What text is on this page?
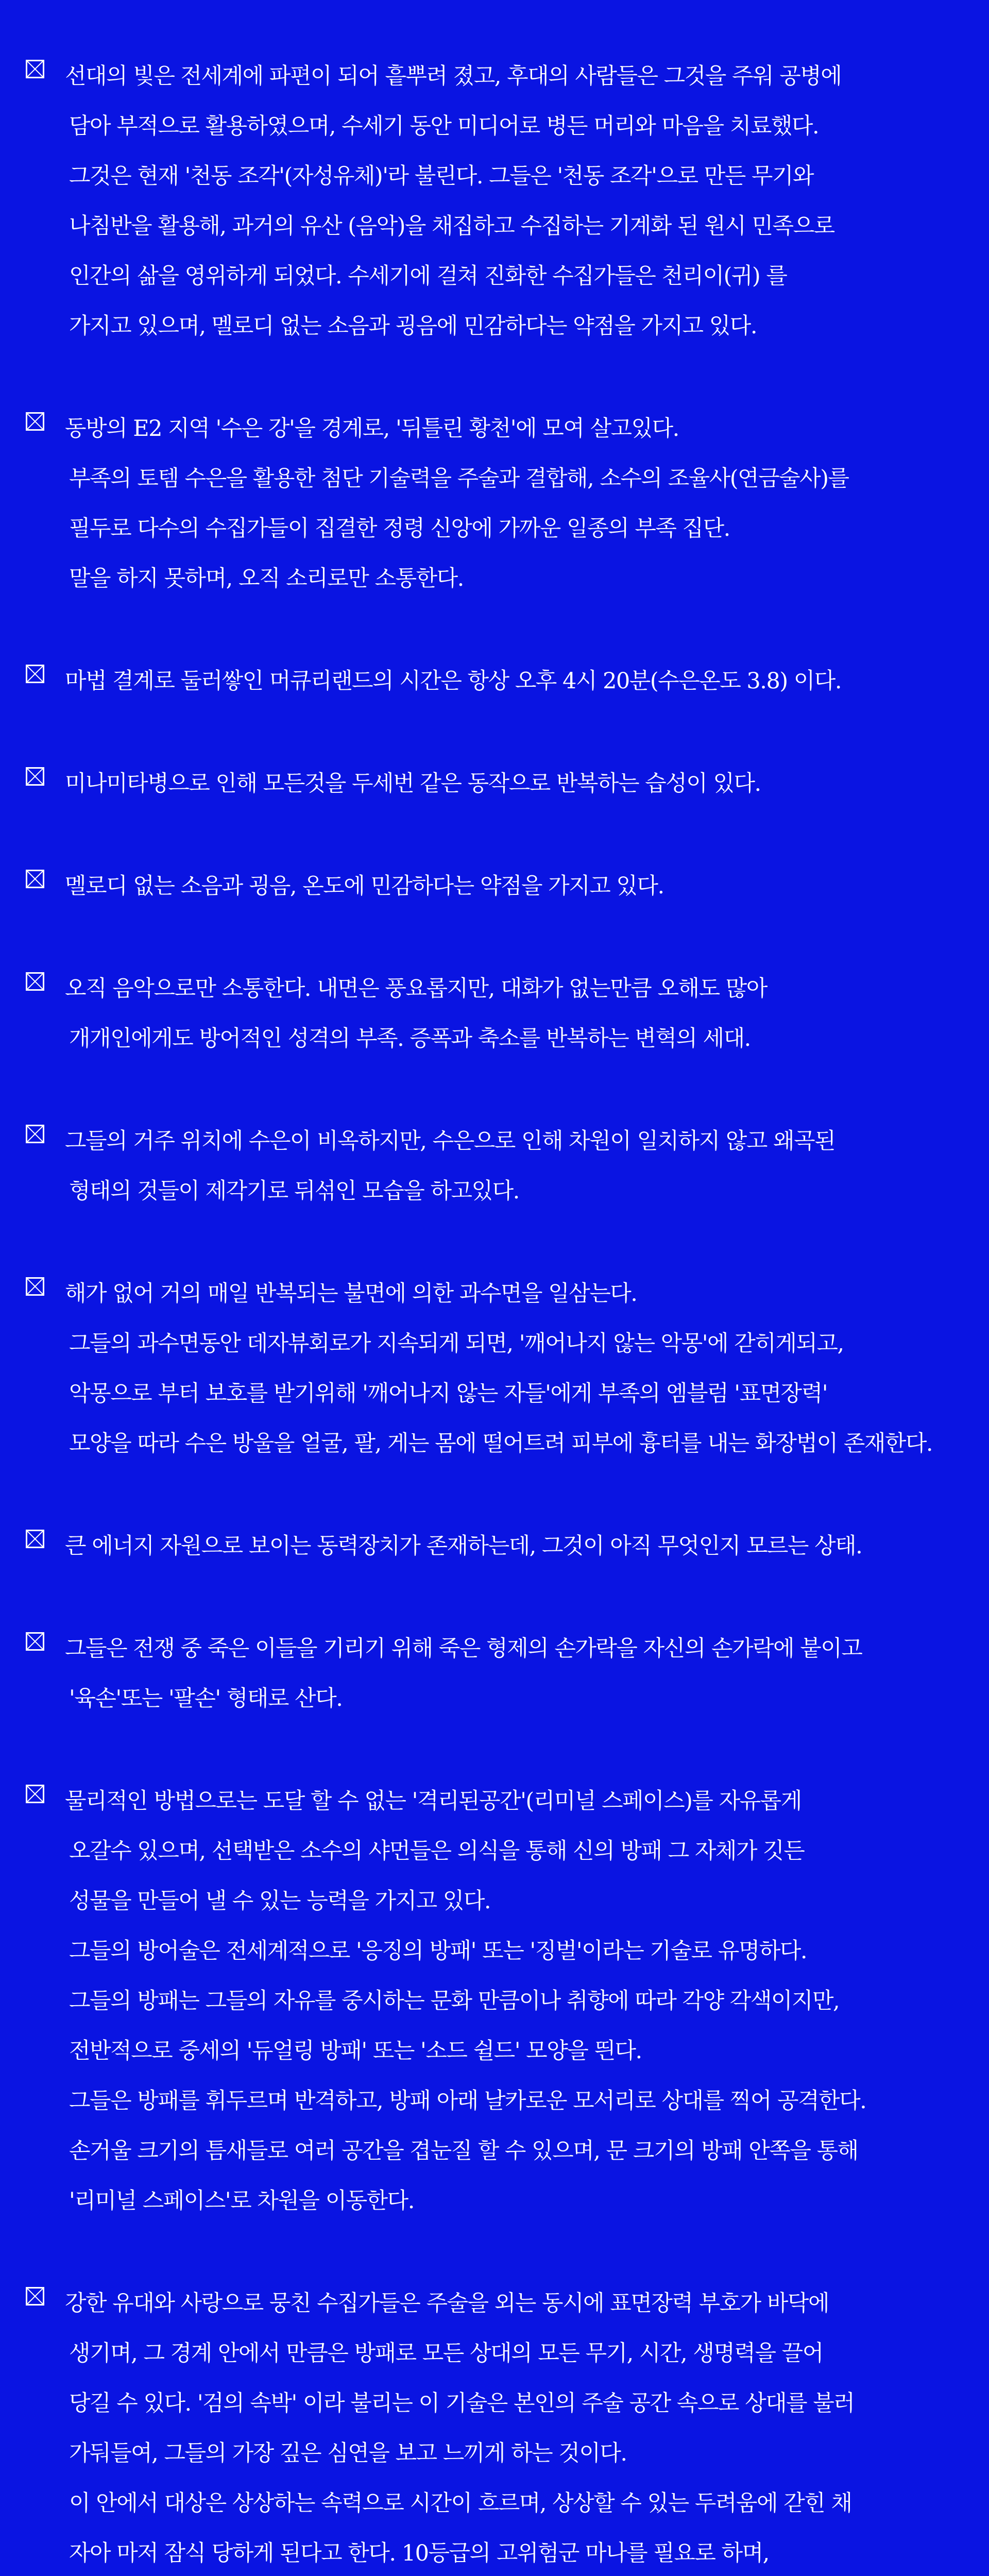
선대의 빛은 전세계에 파편이 되어 흩뿌려 졌고, 후대의 사람들은 그것을 주워 공병에
담아 부적으로 활용하였으며, 수세기 동안 미디어로 병든 머리와 마음을 치료했다.
그것은 현재 '천동 조각'(자성유체)'라 불린다. 그들은 '천동 조각'으로 만든 무기와
나침반을 활용해, 과거의 유산 (음악)을 채집하고 수집하는 기계화 된 원시 민족으로
인간의 삶을 영위하게 되었다. 수세기에 걸쳐 진화한 수집가들은 천리이(귀) 를
가지고 있으며, 멜로디 없는 소음과 굉음에 민감하다는 약점을 가지고 있다.
동방의 E2 지역 '수은 강'을 경계로, '뒤틀린 황천'에 모여 살고있다.
부족의 토템 수은을 활용한 첨단 기술력을 주술과 결합해, 소수의 조율사(연금술사)를
필두로 다수의 수집가들이 집결한 정령 신앙에 가까운 일종의 부족 집단.
말을 하지 못하며, 오직 소리로만 소통한다.
마법 결계로 둘러쌓인 머큐리랜드의 시간은 항상 오후 4시 20분(수은온도 3.8) 이다.
미나미타병으로 인해 모든것을 두세번 같은 동작으로 반복하는 습성이 있다.
멜로디 없는 소음과 굉음, 온도에 민감하다는 약점을 가지고 있다.
오직 음악으로만 소통한다. 내면은 풍요롭지만, 대화가 없는만큼 오해도 많아
개개인에게도 방어적인 성격의 부족. 증폭과 축소를 반복하는 변혁의 세대.
그들의 거주 위치에 수은이 비옥하지만, 수은으로 인해 차원이 일치하지 않고 왜곡된
형태의 것들이 제각기로 뒤섞인 모습을 하고있다.
해가 없어 거의 매일 반복되는 불면에 의한 과수면을 일삼는다.
그들의 과수면동안 데자뷰회로가 지속되게 되면, '깨어나지 않는 악몽'에 갇히게되고,
악몽으로 부터 보호를 받기위해 '깨어나지 않는 자들'에게 부족의 엠블럼 '표면장력'
모양을 따라 수은 방울을 얼굴, 팔, 게는 몸에 떨어트려 피부에 흉터를 내는 화장법이 존재한다.
큰 에너지 자원으로 보이는 동력장치가 존재하는데, 그것이 아직 무엇인지 모르는 상태.
그들은 전쟁 중 죽은 이들을 기리기 위해 죽은 형제의 손가락을 자신의 손가락에 붙이고
'육손'또는 '팔손' 형태로 산다.
물리적인 방법으로는 도달 할 수 없는 '격리된공간'(리미널 스페이스)를 자유롭게
오갈수 있으며, 선택받은 소수의 샤먼들은 의식을 통해 신의 방패 그 자체가 깃든
성물을 만들어 낼 수 있는 능력을 가지고 있다.
그들의 방어술은 전세계적으로 '응징의 방패' 또는 '징벌'이라는 기술로 유명하다.
그들의 방패는 그들의 자유를 중시하는 문화 만큼이나 취향에 따라 각양 각색이지만,
전반적으로 중세의 '듀얼링 방패' 또는 '소드 쉴드' 모양을 띈다.
그들은 방패를 휘두르며 반격하고, 방패 아래 날카로운 모서리로 상대를 찍어 공격한다.
손거울 크기의 틈새들로 여러 공간을 겹눈질 할 수 있으며, 문 크기의 방패 안쪽을 통해
'리미널 스페이스'로 차원을 이동한다.
강한 유대와 사랑으로 뭉친 수집가들은 주술을 외는 동시에 표면장력 부호가 바닥에
생기며, 그 경계 안에서 만큼은 방패로 모든 상대의 모든 무기, 시간, 생명력을 끌어
당길 수 있다. '검의 속박' 이라 불리는 이 기술은 본인의 주술 공간 속으로 상대를 불러
가둬들여, 그들의 가장 깊은 심연을 보고 느끼게 하는 것이다.
이 안에서 대상은 상상하는 속력으로 시간이 흐르며, 상상할 수 있는 두려움에 갇힌 채
자아 마저 잠식 당하게 된다고 한다. 10등급의 고위험군 마나를 필요로 하며,
